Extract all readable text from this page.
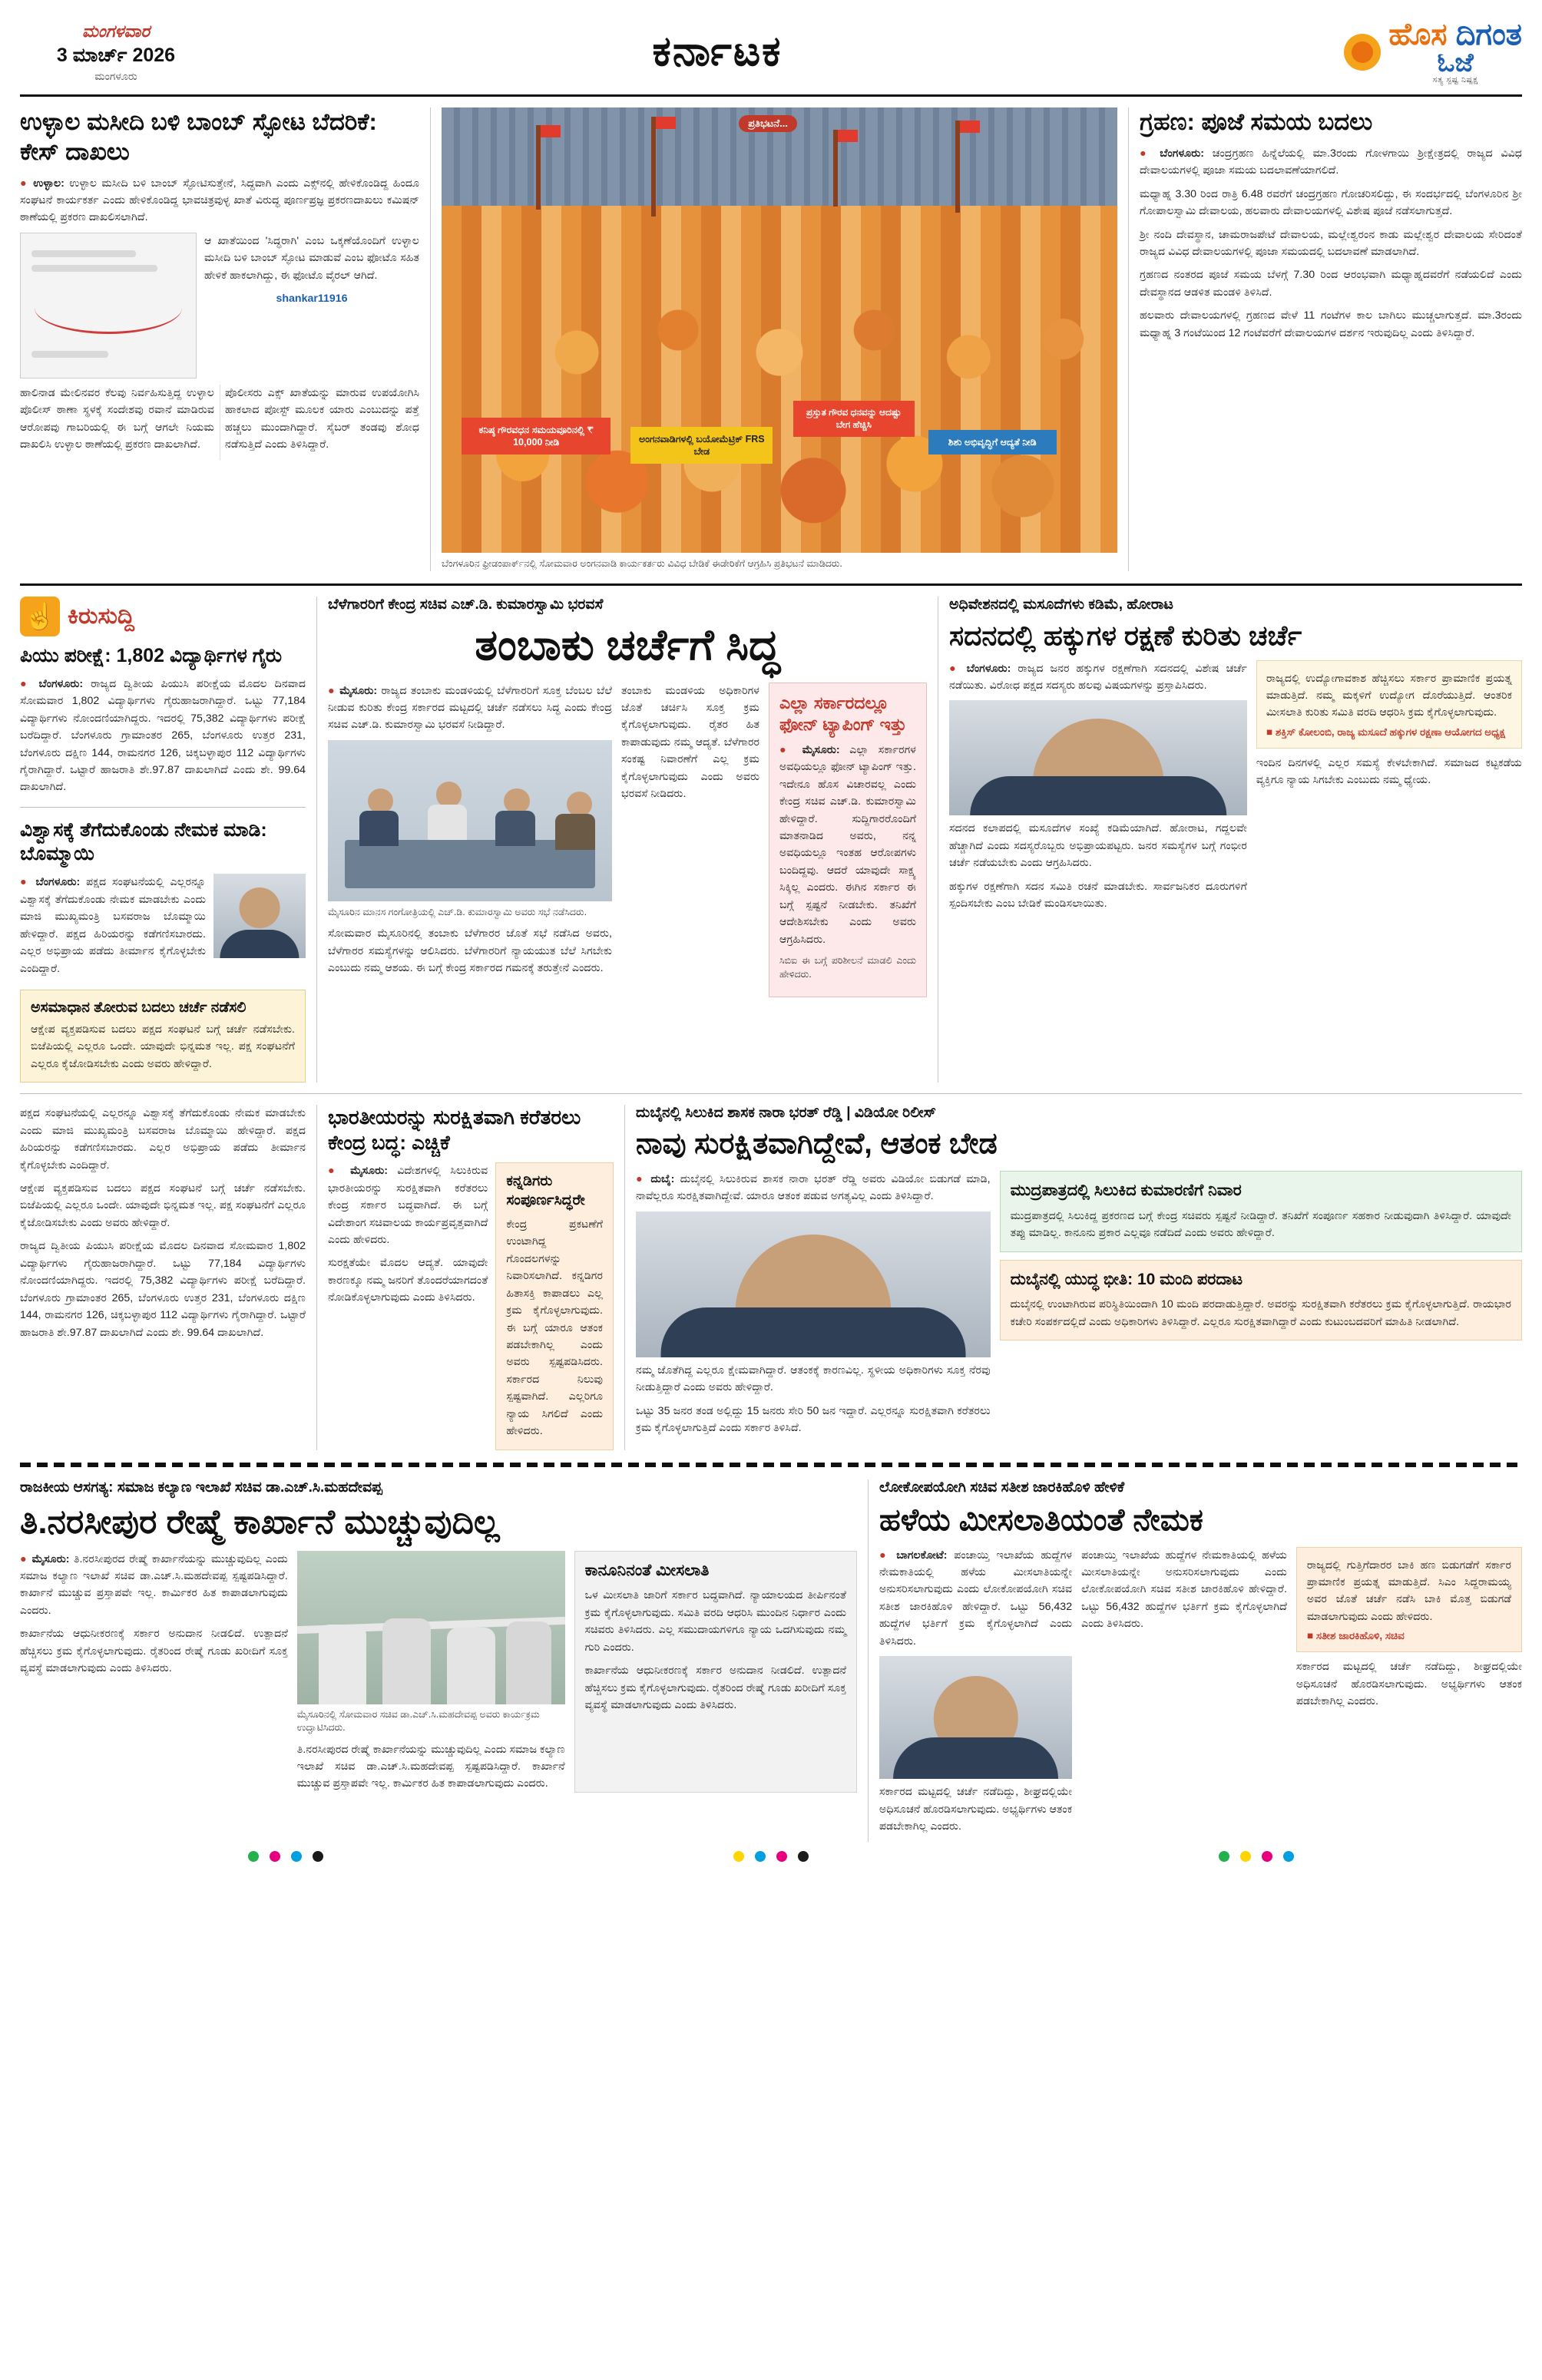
ಮಂಗಳವಾರ
3 ಮಾರ್ಚ್ 2026
ಮಂಗಳೂರು
ಕರ್ನಾಟಕ	ಹೊಸ ದಿಗಂತ
ಓಜೆ
ಸತ್ಯ ಸ್ಪಷ್ಟ ನಿಷ್ಪಕ್ಷ
ಉಳ್ಳಾಲ ಮಸೀದಿ ಬಳಿ ಬಾಂಬ್ ಸ್ಫೋಟ ಬೆದರಿಕೆ: ಕೇಸ್ ದಾಖಲು

● ಉಳ್ಳಾಲ: ಉಳ್ಳಾಲ ಮಸೀದಿ ಬಳಿ ಬಾಂಬ್ ಸ್ಫೋಟಿಸುತ್ತೇನೆ, ಸಿದ್ಧವಾಗಿ ಎಂದು ಎಕ್ಸ್‌ನಲ್ಲಿ ಹೇಳಿಕೊಂಡಿದ್ದ ಹಿಂದೂ ಸಂಘಟನೆ ಕಾರ್ಯಕರ್ತ ಎಂದು ಹೇಳಿಕೊಂಡಿದ್ದ ಭಾವಚಿತ್ರವುಳ್ಳ ಖಾತೆ ವಿರುದ್ಧ ಪೂರ್ಣಪ್ರಜ್ಞ ಪ್ರಕರಣದಾಖಲು ಕಮಿಷನ್ ಠಾಣೆಯಲ್ಲಿ ಪ್ರಕರಣ ದಾಖಲಿಸಲಾಗಿದೆ.

ಆ ಖಾತೆಯಿಂದ 'ಸಿದ್ಧರಾಗಿ' ಎಂಬ ಒಕ್ಕಣೆಯೊಂದಿಗೆ ಉಳ್ಳಾಲ ಮಸೀದಿ ಬಳಿ ಬಾಂಬ್ ಸ್ಫೋಟ ಮಾಡುವೆ ಎಂಬ ಫೋಟೊ ಸಹಿತ ಹೇಳಿಕೆ ಹಾಕಲಾಗಿದ್ದು, ಈ ಫೋಟೊ ವೈರಲ್ ಆಗಿದೆ.

shankar11916

ಹಾಲಿನಾಡ ಮೇಲಿನವರ ಕೆಲವು ನಿರ್ವಹಿಸುತ್ತಿದ್ದ ಉಳ್ಳಾಲ ಪೊಲೀಸ್ ಠಾಣಾ ಸ್ಥಳಕ್ಕೆ ಸಂದೇಶವು ರವಾನೆ ಮಾಡಿರುವ ಆರೋಪವು ಗಾಬರಿಯಲ್ಲಿ ಈ ಬಗ್ಗೆ ಆಗಲೇ ನಿಯಮ ದಾಖಲಿಸಿ ಉಳ್ಳಾಲ ಠಾಣೆಯಲ್ಲಿ ಪ್ರಕರಣ ದಾಖಲಾಗಿದೆ.

ಪೊಲೀಸರು ಎಕ್ಸ್ ಖಾತೆಯನ್ನು ಮಾರುವ ಉಪಯೋಗಿಸಿ ಹಾಕಲಾದ ಪೋಸ್ಟ್ ಮೂಲಕ ಯಾರು ಎಂಬುದನ್ನು ಪತ್ತೆ ಹಚ್ಚಲು ಮುಂದಾಗಿದ್ದಾರೆ. ಸೈಬರ್ ತಂಡವು ಶೋಧ ನಡೆಸುತ್ತಿದೆ ಎಂದು ತಿಳಿಸಿದ್ದಾರೆ.

ಪ್ರತಿಭಟನೆ...
ಕನಿಷ್ಠ ಗೌರವಧನ ಸಮಯವೂರಿನಲ್ಲಿ ₹ 10,000 ನೀಡಿ	ಅಂಗನವಾಡಿಗಳಲ್ಲಿ ಬಯೋಮೆಟ್ರಿಕ್ FRS ಬೇಡ
ಪ್ರಸ್ತುತ ಗೌರವ ಧನವನ್ನು ಆದಷ್ಟು ಬೇಗ ಹೆಚ್ಚಿಸಿ
ಶಿಶು ಅಭಿವೃದ್ಧಿಗೆ ಆದ್ಯತೆ ನೀಡಿ
ಬೆಂಗಳೂರಿನ ಫ್ರೀಡಂಪಾರ್ಕ್‌ನಲ್ಲಿ ಸೋಮವಾರ ಅಂಗನವಾಡಿ ಕಾರ್ಯಕರ್ತರು ವಿವಿಧ ಬೇಡಿಕೆ ಈಡೇರಿಕೆಗೆ ಆಗ್ರಹಿಸಿ ಪ್ರತಿಭಟನೆ ಮಾಡಿದರು.
ಗ್ರಹಣ: ಪೂಜೆ ಸಮಯ ಬದಲು

● ಬೆಂಗಳೂರು: ಚಂದ್ರಗ್ರಹಣ ಹಿನ್ನೆಲೆಯಲ್ಲಿ ಮಾ.3ರಂದು ಗೋಳಗಾಯಿ ಶ್ರೀಕ್ಷೇತ್ರದಲ್ಲಿ ರಾಜ್ಯದ ವಿವಿಧ ದೇವಾಲಯಗಳಲ್ಲಿ ಪೂಜಾ ಸಮಯ ಬದಲಾವಣೆಯಾಗಲಿದೆ.

ಮಧ್ಯಾಹ್ನ 3.30 ರಿಂದ ರಾತ್ರಿ 6.48 ರವರೆಗೆ ಚಂದ್ರಗ್ರಹಣ ಗೋಚರಿಸಲಿದ್ದು, ಈ ಸಂದರ್ಭದಲ್ಲಿ ಬೆಂಗಳೂರಿನ ಶ್ರೀ ಗೋಪಾಲಸ್ವಾಮಿ ದೇವಾಲಯ, ಹಲವಾರು ದೇವಾಲಯಗಳಲ್ಲಿ ವಿಶೇಷ ಪೂಜೆ ನಡೆಸಲಾಗುತ್ತದೆ.

ಶ್ರೀ ನಂದಿ ದೇವಸ್ಥಾನ, ಚಾಮರಾಜಪೇಟೆ ದೇವಾಲಯ, ಮಲ್ಲೇಶ್ವರಂನ ಕಾಡು ಮಲ್ಲೇಶ್ವರ ದೇವಾಲಯ ಸೇರಿದಂತೆ ರಾಜ್ಯದ ವಿವಿಧ ದೇವಾಲಯಗಳಲ್ಲಿ ಪೂಜಾ ಸಮಯದಲ್ಲಿ ಬದಲಾವಣೆ ಮಾಡಲಾಗಿದೆ.

ಗ್ರಹಣದ ನಂತರದ ಪೂಜೆ ಸಮಯ ಬೆಳಗ್ಗೆ 7.30 ರಿಂದ ಆರಂಭವಾಗಿ ಮಧ್ಯಾಹ್ನದವರೆಗೆ ನಡೆಯಲಿದೆ ಎಂದು ದೇವಸ್ಥಾನದ ಆಡಳಿತ ಮಂಡಳಿ ತಿಳಿಸಿದೆ.

ಹಲವಾರು ದೇವಾಲಯಗಳಲ್ಲಿ ಗ್ರಹಣದ ವೇಳೆ 11 ಗಂಟೆಗಳ ಕಾಲ ಬಾಗಿಲು ಮುಚ್ಚಲಾಗುತ್ತದೆ. ಮಾ.3ರಂದು ಮಧ್ಯಾಹ್ನ 3 ಗಂಟೆಯಿಂದ 12 ಗಂಟೆವರೆಗೆ ದೇವಾಲಯಗಳ ದರ್ಶನ ಇರುವುದಿಲ್ಲ ಎಂದು ತಿಳಿಸಿದ್ದಾರೆ.

☝
ಕಿರುಸುದ್ದಿ
ಪಿಯು ಪರೀಕ್ಷೆ: 1,802 ವಿದ್ಯಾರ್ಥಿಗಳ ಗೈರು

● ಬೆಂಗಳೂರು: ರಾಜ್ಯದ ದ್ವಿತೀಯ ಪಿಯುಸಿ ಪರೀಕ್ಷೆಯ ಮೊದಲ ದಿನವಾದ ಸೋಮವಾರ 1,802 ವಿದ್ಯಾರ್ಥಿಗಳು ಗೈರುಹಾಜರಾಗಿದ್ದಾರೆ. ಒಟ್ಟು 77,184 ವಿದ್ಯಾರ್ಥಿಗಳು ನೋಂದಣಿಯಾಗಿದ್ದರು. ಇದರಲ್ಲಿ 75,382 ವಿದ್ಯಾರ್ಥಿಗಳು ಪರೀಕ್ಷೆ ಬರೆದಿದ್ದಾರೆ. ಬೆಂಗಳೂರು ಗ್ರಾಮಾಂತರ 265, ಬೆಂಗಳೂರು ಉತ್ತರ 231, ಬೆಂಗಳೂರು ದಕ್ಷಿಣ 144, ರಾಮನಗರ 126, ಚಿಕ್ಕಬಳ್ಳಾಪುರ 112 ವಿದ್ಯಾರ್ಥಿಗಳು ಗೈರಾಗಿದ್ದಾರೆ. ಒಟ್ಟಾರೆ ಹಾಜರಾತಿ ಶೇ.97.87 ದಾಖಲಾಗಿದೆ ಎಂದು ಶೇ. 99.64 ದಾಖಲಾಗಿದೆ.

ವಿಶ್ವಾಸಕ್ಕೆ ತೆಗೆದುಕೊಂಡು ನೇಮಕ ಮಾಡಿ: ಬೊಮ್ಮಾಯಿ

● ಬೆಂಗಳೂರು: ಪಕ್ಷದ ಸಂಘಟನೆಯಲ್ಲಿ ಎಲ್ಲರನ್ನೂ ವಿಶ್ವಾಸಕ್ಕೆ ತೆಗೆದುಕೊಂಡು ನೇಮಕ ಮಾಡಬೇಕು ಎಂದು ಮಾಜಿ ಮುಖ್ಯಮಂತ್ರಿ ಬಸವರಾಜ ಬೊಮ್ಮಾಯಿ ಹೇಳಿದ್ದಾರೆ. ಪಕ್ಷದ ಹಿರಿಯರನ್ನು ಕಡೆಗಣಿಸಬಾರದು. ಎಲ್ಲರ ಅಭಿಪ್ರಾಯ ಪಡೆದು ತೀರ್ಮಾನ ಕೈಗೊಳ್ಳಬೇಕು ಎಂದಿದ್ದಾರೆ.

ಅಸಮಾಧಾನ ತೋರುವ ಬದಲು ಚರ್ಚೆ ನಡೆಸಲಿ
ಆಕ್ಷೇಪ ವ್ಯಕ್ತಪಡಿಸುವ ಬದಲು ಪಕ್ಷದ ಸಂಘಟನೆ ಬಗ್ಗೆ ಚರ್ಚೆ ನಡೆಸಬೇಕು. ಬಿಜೆಪಿಯಲ್ಲಿ ಎಲ್ಲರೂ ಒಂದೇ. ಯಾವುದೇ ಭಿನ್ನಮತ ಇಲ್ಲ. ಪಕ್ಷ ಸಂಘಟನೆಗೆ ಎಲ್ಲರೂ ಕೈಜೋಡಿಸಬೇಕು ಎಂದು ಅವರು ಹೇಳಿದ್ದಾರೆ.
ಬೆಳೆಗಾರರಿಗೆ ಕೇಂದ್ರ ಸಚಿವ ಎಚ್.ಡಿ. ಕುಮಾರಸ್ವಾಮಿ ಭರವಸೆ
ತಂಬಾಕು ಚರ್ಚೆಗೆ ಸಿದ್ಧ

● ಮೈಸೂರು: ರಾಜ್ಯದ ತಂಬಾಕು ಮಂಡಳಿಯಲ್ಲಿ ಬೆಳೆಗಾರರಿಗೆ ಸೂಕ್ತ ಬೆಂಬಲ ಬೆಲೆ ನೀಡುವ ಕುರಿತು ಕೇಂದ್ರ ಸರ್ಕಾರದ ಮಟ್ಟದಲ್ಲಿ ಚರ್ಚೆ ನಡೆಸಲು ಸಿದ್ಧ ಎಂದು ಕೇಂದ್ರ ಸಚಿವ ಎಚ್.ಡಿ. ಕುಮಾರಸ್ವಾಮಿ ಭರವಸೆ ನೀಡಿದ್ದಾರೆ.

ಮೈಸೂರಿನ ಮಾನಸ ಗಂಗೋತ್ರಿಯಲ್ಲಿ ಎಚ್.ಡಿ. ಕುಮಾರಸ್ವಾಮಿ ಅವರು ಸಭೆ ನಡೆಸಿದರು.
ಸೋಮವಾರ ಮೈಸೂರಿನಲ್ಲಿ ತಂಬಾಕು ಬೆಳೆಗಾರರ ಜೊತೆ ಸಭೆ ನಡೆಸಿದ ಅವರು, ಬೆಳೆಗಾರರ ಸಮಸ್ಯೆಗಳನ್ನು ಆಲಿಸಿದರು. ಬೆಳೆಗಾರರಿಗೆ ನ್ಯಾಯಯುತ ಬೆಲೆ ಸಿಗಬೇಕು ಎಂಬುದು ನಮ್ಮ ಆಶಯ. ಈ ಬಗ್ಗೆ ಕೇಂದ್ರ ಸರ್ಕಾರದ ಗಮನಕ್ಕೆ ತರುತ್ತೇನೆ ಎಂದರು.
ತಂಬಾಕು ಮಂಡಳಿಯ ಅಧಿಕಾರಿಗಳ ಜೊತೆ ಚರ್ಚಿಸಿ ಸೂಕ್ತ ಕ್ರಮ ಕೈಗೊಳ್ಳಲಾಗುವುದು. ರೈತರ ಹಿತ ಕಾಪಾಡುವುದು ನಮ್ಮ ಆದ್ಯತೆ. ಬೆಳೆಗಾರರ ಸಂಕಷ್ಟ ನಿವಾರಣೆಗೆ ಎಲ್ಲ ಕ್ರಮ ಕೈಗೊಳ್ಳಲಾಗುವುದು ಎಂದು ಅವರು ಭರವಸೆ ನೀಡಿದರು.
ಎಲ್ಲಾ ಸರ್ಕಾರದಲ್ಲೂ ಫೋನ್ ಟ್ಯಾಪಿಂಗ್ ಇತ್ತು

● ಮೈಸೂರು: ಎಲ್ಲಾ ಸರ್ಕಾರಗಳ ಅವಧಿಯಲ್ಲೂ ಫೋನ್ ಟ್ಯಾಪಿಂಗ್ ಇತ್ತು. ಇದೇನೂ ಹೊಸ ವಿಚಾರವಲ್ಲ ಎಂದು ಕೇಂದ್ರ ಸಚಿವ ಎಚ್.ಡಿ. ಕುಮಾರಸ್ವಾಮಿ ಹೇಳಿದ್ದಾರೆ. ಸುದ್ದಿಗಾರರೊಂದಿಗೆ ಮಾತನಾಡಿದ ಅವರು, ನನ್ನ ಅವಧಿಯಲ್ಲೂ ಇಂತಹ ಆರೋಪಗಳು ಬಂದಿದ್ದವು. ಆದರೆ ಯಾವುದೇ ಸಾಕ್ಷ್ಯ ಸಿಕ್ಕಿಲ್ಲ ಎಂದರು. ಈಗಿನ ಸರ್ಕಾರ ಈ ಬಗ್ಗೆ ಸ್ಪಷ್ಟನೆ ನೀಡಬೇಕು. ತನಿಖೆಗೆ ಆದೇಶಿಸಬೇಕು ಎಂದು ಅವರು ಆಗ್ರಹಿಸಿದರು.

ಸಿಬಿಐ ಈ ಬಗ್ಗೆ ಪರಿಶೀಲನೆ ಮಾಡಲಿ ಎಂದು ಹೇಳಿದರು.

ಅಧಿವೇಶನದಲ್ಲಿ ಮಸೂದೆಗಳು ಕಡಿಮೆ, ಹೋರಾಟ
ಸದನದಲ್ಲಿ ಹಕ್ಕುಗಳ ರಕ್ಷಣೆ ಕುರಿತು ಚರ್ಚೆ

● ಬೆಂಗಳೂರು: ರಾಜ್ಯದ ಜನರ ಹಕ್ಕುಗಳ ರಕ್ಷಣೆಗಾಗಿ ಸದನದಲ್ಲಿ ವಿಶೇಷ ಚರ್ಚೆ ನಡೆಯಿತು. ವಿರೋಧ ಪಕ್ಷದ ಸದಸ್ಯರು ಹಲವು ವಿಷಯಗಳನ್ನು ಪ್ರಸ್ತಾಪಿಸಿದರು.

ಸದನದ ಕಲಾಪದಲ್ಲಿ ಮಸೂದೆಗಳ ಸಂಖ್ಯೆ ಕಡಿಮೆಯಾಗಿದೆ. ಹೋರಾಟ, ಗದ್ದಲವೇ ಹೆಚ್ಚಾಗಿದೆ ಎಂದು ಸದಸ್ಯರೊಬ್ಬರು ಅಭಿಪ್ರಾಯಪಟ್ಟರು. ಜನರ ಸಮಸ್ಯೆಗಳ ಬಗ್ಗೆ ಗಂಭೀರ ಚರ್ಚೆ ನಡೆಯಬೇಕು ಎಂದು ಆಗ್ರಹಿಸಿದರು.

ಹಕ್ಕುಗಳ ರಕ್ಷಣೆಗಾಗಿ ಸದನ ಸಮಿತಿ ರಚನೆ ಮಾಡಬೇಕು. ಸಾರ್ವಜನಿಕರ ದೂರುಗಳಿಗೆ ಸ್ಪಂದಿಸಬೇಕು ಎಂಬ ಬೇಡಿಕೆ ಮಂಡಿಸಲಾಯಿತು.

ರಾಜ್ಯದಲ್ಲಿ ಉದ್ಯೋಗಾವಕಾಶ ಹೆಚ್ಚಿಸಲು ಸರ್ಕಾರ ಪ್ರಾಮಾಣಿಕ ಪ್ರಯತ್ನ ಮಾಡುತ್ತಿದೆ. ನಮ್ಮ ಮಕ್ಕಳಿಗೆ ಉದ್ಯೋಗ ದೊರೆಯುತ್ತಿದೆ. ಆಂತರಿಕ ಮೀಸಲಾತಿ ಕುರಿತು ಸಮಿತಿ ವರದಿ ಆಧರಿಸಿ ಕ್ರಮ ಕೈಗೊಳ್ಳಲಾಗುವುದು.
■ ಶಕ್ತಿಸ್ ಕೋಲಂಬಿ, ರಾಜ್ಯ ಮಸೂದೆ ಹಕ್ಕುಗಳ ರಕ್ಷಣಾ ಆಯೋಗದ ಅಧ್ಯಕ್ಷ
ಇಂದಿನ ದಿನಗಳಲ್ಲಿ ಎಲ್ಲರ ಸಮಸ್ಯೆ ಕೇಳಬೇಕಾಗಿದೆ. ಸಮಾಜದ ಕಟ್ಟಕಡೆಯ ವ್ಯಕ್ತಿಗೂ ನ್ಯಾಯ ಸಿಗಬೇಕು ಎಂಬುದು ನಮ್ಮ ಧ್ಯೇಯ.

ಪಕ್ಷದ ಸಂಘಟನೆಯಲ್ಲಿ ಎಲ್ಲರನ್ನೂ ವಿಶ್ವಾಸಕ್ಕೆ ತೆಗೆದುಕೊಂಡು ನೇಮಕ ಮಾಡಬೇಕು ಎಂದು ಮಾಜಿ ಮುಖ್ಯಮಂತ್ರಿ ಬಸವರಾಜ ಬೊಮ್ಮಾಯಿ ಹೇಳಿದ್ದಾರೆ. ಪಕ್ಷದ ಹಿರಿಯರನ್ನು ಕಡೆಗಣಿಸಬಾರದು. ಎಲ್ಲರ ಅಭಿಪ್ರಾಯ ಪಡೆದು ತೀರ್ಮಾನ ಕೈಗೊಳ್ಳಬೇಕು ಎಂದಿದ್ದಾರೆ.

ಆಕ್ಷೇಪ ವ್ಯಕ್ತಪಡಿಸುವ ಬದಲು ಪಕ್ಷದ ಸಂಘಟನೆ ಬಗ್ಗೆ ಚರ್ಚೆ ನಡೆಸಬೇಕು. ಬಿಜೆಪಿಯಲ್ಲಿ ಎಲ್ಲರೂ ಒಂದೇ. ಯಾವುದೇ ಭಿನ್ನಮತ ಇಲ್ಲ. ಪಕ್ಷ ಸಂಘಟನೆಗೆ ಎಲ್ಲರೂ ಕೈಜೋಡಿಸಬೇಕು ಎಂದು ಅವರು ಹೇಳಿದ್ದಾರೆ.

ರಾಜ್ಯದ ದ್ವಿತೀಯ ಪಿಯುಸಿ ಪರೀಕ್ಷೆಯ ಮೊದಲ ದಿನವಾದ ಸೋಮವಾರ 1,802 ವಿದ್ಯಾರ್ಥಿಗಳು ಗೈರುಹಾಜರಾಗಿದ್ದಾರೆ. ಒಟ್ಟು 77,184 ವಿದ್ಯಾರ್ಥಿಗಳು ನೋಂದಣಿಯಾಗಿದ್ದರು. ಇದರಲ್ಲಿ 75,382 ವಿದ್ಯಾರ್ಥಿಗಳು ಪರೀಕ್ಷೆ ಬರೆದಿದ್ದಾರೆ. ಬೆಂಗಳೂರು ಗ್ರಾಮಾಂತರ 265, ಬೆಂಗಳೂರು ಉತ್ತರ 231, ಬೆಂಗಳೂರು ದಕ್ಷಿಣ 144, ರಾಮನಗರ 126, ಚಿಕ್ಕಬಳ್ಳಾಪುರ 112 ವಿದ್ಯಾರ್ಥಿಗಳು ಗೈರಾಗಿದ್ದಾರೆ. ಒಟ್ಟಾರೆ ಹಾಜರಾತಿ ಶೇ.97.87 ದಾಖಲಾಗಿದೆ ಎಂದು ಶೇ. 99.64 ದಾಖಲಾಗಿದೆ.

ಭಾರತೀಯರನ್ನು ಸುರಕ್ಷಿತವಾಗಿ ಕರೆತರಲು ಕೇಂದ್ರ ಬದ್ಧ: ಎಚ್ಚಿಕೆ

● ಮೈಸೂರು: ವಿದೇಶಗಳಲ್ಲಿ ಸಿಲುಕಿರುವ ಭಾರತೀಯರನ್ನು ಸುರಕ್ಷಿತವಾಗಿ ಕರೆತರಲು ಕೇಂದ್ರ ಸರ್ಕಾರ ಬದ್ಧವಾಗಿದೆ. ಈ ಬಗ್ಗೆ ವಿದೇಶಾಂಗ ಸಚಿವಾಲಯ ಕಾರ್ಯಪ್ರವೃತ್ತವಾಗಿದೆ ಎಂದು ಹೇಳಿದರು.

ಸುರಕ್ಷತೆಯೇ ಮೊದಲ ಆದ್ಯತೆ. ಯಾವುದೇ ಕಾರಣಕ್ಕೂ ನಮ್ಮ ಜನರಿಗೆ ತೊಂದರೆಯಾಗದಂತೆ ನೋಡಿಕೊಳ್ಳಲಾಗುವುದು ಎಂದು ತಿಳಿಸಿದರು.

ಕನ್ನಡಿಗರು ಸಂಪೂರ್ಣಸಿದ್ಧರೇ
ಕೇಂದ್ರ ಪ್ರಕಟಣೆಗೆ ಉಂಟಾಗಿದ್ದ ಗೊಂದಲಗಳನ್ನು ನಿವಾರಿಸಲಾಗಿದೆ. ಕನ್ನಡಿಗರ ಹಿತಾಸಕ್ತಿ ಕಾಪಾಡಲು ಎಲ್ಲ ಕ್ರಮ ಕೈಗೊಳ್ಳಲಾಗುವುದು. ಈ ಬಗ್ಗೆ ಯಾರೂ ಆತಂಕ ಪಡಬೇಕಾಗಿಲ್ಲ ಎಂದು ಅವರು ಸ್ಪಷ್ಟಪಡಿಸಿದರು. ಸರ್ಕಾರದ ನಿಲುವು ಸ್ಪಷ್ಟವಾಗಿದೆ. ಎಲ್ಲರಿಗೂ ನ್ಯಾಯ ಸಿಗಲಿದೆ ಎಂದು ಹೇಳಿದರು.
ದುಬೈನಲ್ಲಿ ಸಿಲುಕಿದ ಶಾಸಕ ನಾರಾ ಭರತ್ ರೆಡ್ಡಿ | ವಿಡಿಯೋ ರಿಲೀಸ್
ನಾವು ಸುರಕ್ಷಿತವಾಗಿದ್ದೇವೆ, ಆತಂಕ ಬೇಡ

● ದುಬೈ: ದುಬೈನಲ್ಲಿ ಸಿಲುಕಿರುವ ಶಾಸಕ ನಾರಾ ಭರತ್ ರೆಡ್ಡಿ ಅವರು ವಿಡಿಯೋ ಬಿಡುಗಡೆ ಮಾಡಿ, ನಾವೆಲ್ಲರೂ ಸುರಕ್ಷಿತವಾಗಿದ್ದೇವೆ. ಯಾರೂ ಆತಂಕ ಪಡುವ ಅಗತ್ಯವಿಲ್ಲ ಎಂದು ತಿಳಿಸಿದ್ದಾರೆ.

ನಮ್ಮ ಜೊತೆಗಿದ್ದ ಎಲ್ಲರೂ ಕ್ಷೇಮವಾಗಿದ್ದಾರೆ. ಆತಂಕಕ್ಕೆ ಕಾರಣವಿಲ್ಲ. ಸ್ಥಳೀಯ ಅಧಿಕಾರಿಗಳು ಸೂಕ್ತ ನೆರವು ನೀಡುತ್ತಿದ್ದಾರೆ ಎಂದು ಅವರು ಹೇಳಿದ್ದಾರೆ.

ಒಟ್ಟು 35 ಜನರ ತಂಡ ಅಲ್ಲಿದ್ದು 15 ಜನರು ಸೇರಿ 50 ಜನ ಇದ್ದಾರೆ. ಎಲ್ಲರನ್ನೂ ಸುರಕ್ಷಿತವಾಗಿ ಕರೆತರಲು ಕ್ರಮ ಕೈಗೊಳ್ಳಲಾಗುತ್ತಿದೆ ಎಂದು ಸರ್ಕಾರ ತಿಳಿಸಿದೆ.

ಮುದ್ರಪಾತ್ರದಲ್ಲಿ ಸಿಲುಕಿದ ಕುಮಾರಣಿಗೆ ನಿವಾರ
ಮುದ್ರಪಾತ್ರದಲ್ಲಿ ಸಿಲುಕಿದ್ದ ಪ್ರಕರಣದ ಬಗ್ಗೆ ಕೇಂದ್ರ ಸಚಿವರು ಸ್ಪಷ್ಟನೆ ನೀಡಿದ್ದಾರೆ. ತನಿಖೆಗೆ ಸಂಪೂರ್ಣ ಸಹಕಾರ ನೀಡುವುದಾಗಿ ತಿಳಿಸಿದ್ದಾರೆ. ಯಾವುದೇ ತಪ್ಪು ಮಾಡಿಲ್ಲ. ಕಾನೂನು ಪ್ರಕಾರ ಎಲ್ಲವೂ ನಡೆದಿದೆ ಎಂದು ಅವರು ಹೇಳಿದ್ದಾರೆ.
ದುಬೈನಲ್ಲಿ ಯುದ್ಧ ಭೀತಿ: 10 ಮಂದಿ ಪರದಾಟ
ದುಬೈನಲ್ಲಿ ಉಂಟಾಗಿರುವ ಪರಿಸ್ಥಿತಿಯಿಂದಾಗಿ 10 ಮಂದಿ ಪರದಾಡುತ್ತಿದ್ದಾರೆ. ಅವರನ್ನು ಸುರಕ್ಷಿತವಾಗಿ ಕರೆತರಲು ಕ್ರಮ ಕೈಗೊಳ್ಳಲಾಗುತ್ತಿದೆ. ರಾಯಭಾರ ಕಚೇರಿ ಸಂಪರ್ಕದಲ್ಲಿದೆ ಎಂದು ಅಧಿಕಾರಿಗಳು ತಿಳಿಸಿದ್ದಾರೆ. ಎಲ್ಲರೂ ಸುರಕ್ಷಿತವಾಗಿದ್ದಾರೆ ಎಂದು ಕುಟುಂಬದವರಿಗೆ ಮಾಹಿತಿ ನೀಡಲಾಗಿದೆ.
ರಾಜಕೀಯ ಆಸಗತ್ಯ: ಸಮಾಜ ಕಲ್ಯಾಣ ಇಲಾಖೆ ಸಚಿವ ಡಾ.ಎಚ್.ಸಿ.ಮಹದೇವಪ್ಪ
ತಿ.ನರಸೀಪುರ ರೇಷ್ಮೆ ಕಾರ್ಖಾನೆ ಮುಚ್ಚುವುದಿಲ್ಲ

● ಮೈಸೂರು: ತಿ.ನರಸೀಪುರದ ರೇಷ್ಮೆ ಕಾರ್ಖಾನೆಯನ್ನು ಮುಚ್ಚುವುದಿಲ್ಲ ಎಂದು ಸಮಾಜ ಕಲ್ಯಾಣ ಇಲಾಖೆ ಸಚಿವ ಡಾ.ಎಚ್.ಸಿ.ಮಹದೇವಪ್ಪ ಸ್ಪಷ್ಟಪಡಿಸಿದ್ದಾರೆ. ಕಾರ್ಖಾನೆ ಮುಚ್ಚುವ ಪ್ರಸ್ತಾಪವೇ ಇಲ್ಲ. ಕಾರ್ಮಿಕರ ಹಿತ ಕಾಪಾಡಲಾಗುವುದು ಎಂದರು.

ಕಾರ್ಖಾನೆಯ ಆಧುನೀಕರಣಕ್ಕೆ ಸರ್ಕಾರ ಅನುದಾನ ನೀಡಲಿದೆ. ಉತ್ಪಾದನೆ ಹೆಚ್ಚಿಸಲು ಕ್ರಮ ಕೈಗೊಳ್ಳಲಾಗುವುದು. ರೈತರಿಂದ ರೇಷ್ಮೆ ಗೂಡು ಖರೀದಿಗೆ ಸೂಕ್ತ ವ್ಯವಸ್ಥೆ ಮಾಡಲಾಗುವುದು ಎಂದು ತಿಳಿಸಿದರು.

ಮೈಸೂರಿನಲ್ಲಿ ಸೋಮವಾರ ಸಚಿವ ಡಾ.ಎಚ್.ಸಿ.ಮಹದೇವಪ್ಪ ಅವರು ಕಾರ್ಯಕ್ರಮ ಉದ್ಘಾಟಿಸಿದರು.
ತಿ.ನರಸೀಪುರದ ರೇಷ್ಮೆ ಕಾರ್ಖಾನೆಯನ್ನು ಮುಚ್ಚುವುದಿಲ್ಲ ಎಂದು ಸಮಾಜ ಕಲ್ಯಾಣ ಇಲಾಖೆ ಸಚಿವ ಡಾ.ಎಚ್.ಸಿ.ಮಹದೇವಪ್ಪ ಸ್ಪಷ್ಟಪಡಿಸಿದ್ದಾರೆ. ಕಾರ್ಖಾನೆ ಮುಚ್ಚುವ ಪ್ರಸ್ತಾಪವೇ ಇಲ್ಲ. ಕಾರ್ಮಿಕರ ಹಿತ ಕಾಪಾಡಲಾಗುವುದು ಎಂದರು.
ಕಾನೂನಿನಂತೆ ಮೀಸಲಾತಿ
ಒಳ ಮೀಸಲಾತಿ ಜಾರಿಗೆ ಸರ್ಕಾರ ಬದ್ಧವಾಗಿದೆ. ನ್ಯಾಯಾಲಯದ ತೀರ್ಪಿನಂತೆ ಕ್ರಮ ಕೈಗೊಳ್ಳಲಾಗುವುದು. ಸಮಿತಿ ವರದಿ ಆಧರಿಸಿ ಮುಂದಿನ ನಿರ್ಧಾರ ಎಂದು ಸಚಿವರು ತಿಳಿಸಿದರು. ಎಲ್ಲ ಸಮುದಾಯಗಳಿಗೂ ನ್ಯಾಯ ಒದಗಿಸುವುದು ನಮ್ಮ ಗುರಿ ಎಂದರು.
ಕಾರ್ಖಾನೆಯ ಆಧುನೀಕರಣಕ್ಕೆ ಸರ್ಕಾರ ಅನುದಾನ ನೀಡಲಿದೆ. ಉತ್ಪಾದನೆ ಹೆಚ್ಚಿಸಲು ಕ್ರಮ ಕೈಗೊಳ್ಳಲಾಗುವುದು. ರೈತರಿಂದ ರೇಷ್ಮೆ ಗೂಡು ಖರೀದಿಗೆ ಸೂಕ್ತ ವ್ಯವಸ್ಥೆ ಮಾಡಲಾಗುವುದು ಎಂದು ತಿಳಿಸಿದರು.
ಲೋಕೋಪಯೋಗಿ ಸಚಿವ ಸತೀಶ ಜಾರಕಿಹೊಳಿ ಹೇಳಿಕೆ
ಹಳೆಯ ಮೀಸಲಾತಿಯಂತೆ ನೇಮಕ

● ಬಾಗಲಕೋಟೆ: ಪಂಚಾಯ್ತಿ ಇಲಾಖೆಯ ಹುದ್ದೆಗಳ ನೇಮಕಾತಿಯಲ್ಲಿ ಹಳೆಯ ಮೀಸಲಾತಿಯನ್ನೇ ಅನುಸರಿಸಲಾಗುವುದು ಎಂದು ಲೋಕೋಪಯೋಗಿ ಸಚಿವ ಸತೀಶ ಜಾರಕಿಹೊಳಿ ಹೇಳಿದ್ದಾರೆ. ಒಟ್ಟು 56,432 ಹುದ್ದೆಗಳ ಭರ್ತಿಗೆ ಕ್ರಮ ಕೈಗೊಳ್ಳಲಾಗಿದೆ ಎಂದು ತಿಳಿಸಿದರು.

ಸರ್ಕಾರದ ಮಟ್ಟದಲ್ಲಿ ಚರ್ಚೆ ನಡೆದಿದ್ದು, ಶೀಘ್ರದಲ್ಲಿಯೇ ಅಧಿಸೂಚನೆ ಹೊರಡಿಸಲಾಗುವುದು. ಅಭ್ಯರ್ಥಿಗಳು ಆತಂಕ ಪಡಬೇಕಾಗಿಲ್ಲ ಎಂದರು.

ಪಂಚಾಯ್ತಿ ಇಲಾಖೆಯ ಹುದ್ದೆಗಳ ನೇಮಕಾತಿಯಲ್ಲಿ ಹಳೆಯ ಮೀಸಲಾತಿಯನ್ನೇ ಅನುಸರಿಸಲಾಗುವುದು ಎಂದು ಲೋಕೋಪಯೋಗಿ ಸಚಿವ ಸತೀಶ ಜಾರಕಿಹೊಳಿ ಹೇಳಿದ್ದಾರೆ. ಒಟ್ಟು 56,432 ಹುದ್ದೆಗಳ ಭರ್ತಿಗೆ ಕ್ರಮ ಕೈಗೊಳ್ಳಲಾಗಿದೆ ಎಂದು ತಿಳಿಸಿದರು.
ರಾಜ್ಯದಲ್ಲಿ ಗುತ್ತಿಗೆದಾರರ ಬಾಕಿ ಹಣ ಬಿಡುಗಡೆಗೆ ಸರ್ಕಾರ ಪ್ರಾಮಾಣಿಕ ಪ್ರಯತ್ನ ಮಾಡುತ್ತಿದೆ. ಸಿಎಂ ಸಿದ್ದರಾಮಯ್ಯ ಅವರ ಜೊತೆ ಚರ್ಚೆ ನಡೆಸಿ ಬಾಕಿ ಮೊತ್ತ ಬಿಡುಗಡೆ ಮಾಡಲಾಗುವುದು ಎಂದು ಹೇಳಿದರು.
■ ಸತೀಶ ಜಾರಕಿಹೊಳಿ, ಸಚಿವ
ಸರ್ಕಾರದ ಮಟ್ಟದಲ್ಲಿ ಚರ್ಚೆ ನಡೆದಿದ್ದು, ಶೀಘ್ರದಲ್ಲಿಯೇ ಅಧಿಸೂಚನೆ ಹೊರಡಿಸಲಾಗುವುದು. ಅಭ್ಯರ್ಥಿಗಳು ಆತಂಕ ಪಡಬೇಕಾಗಿಲ್ಲ ಎಂದರು.
